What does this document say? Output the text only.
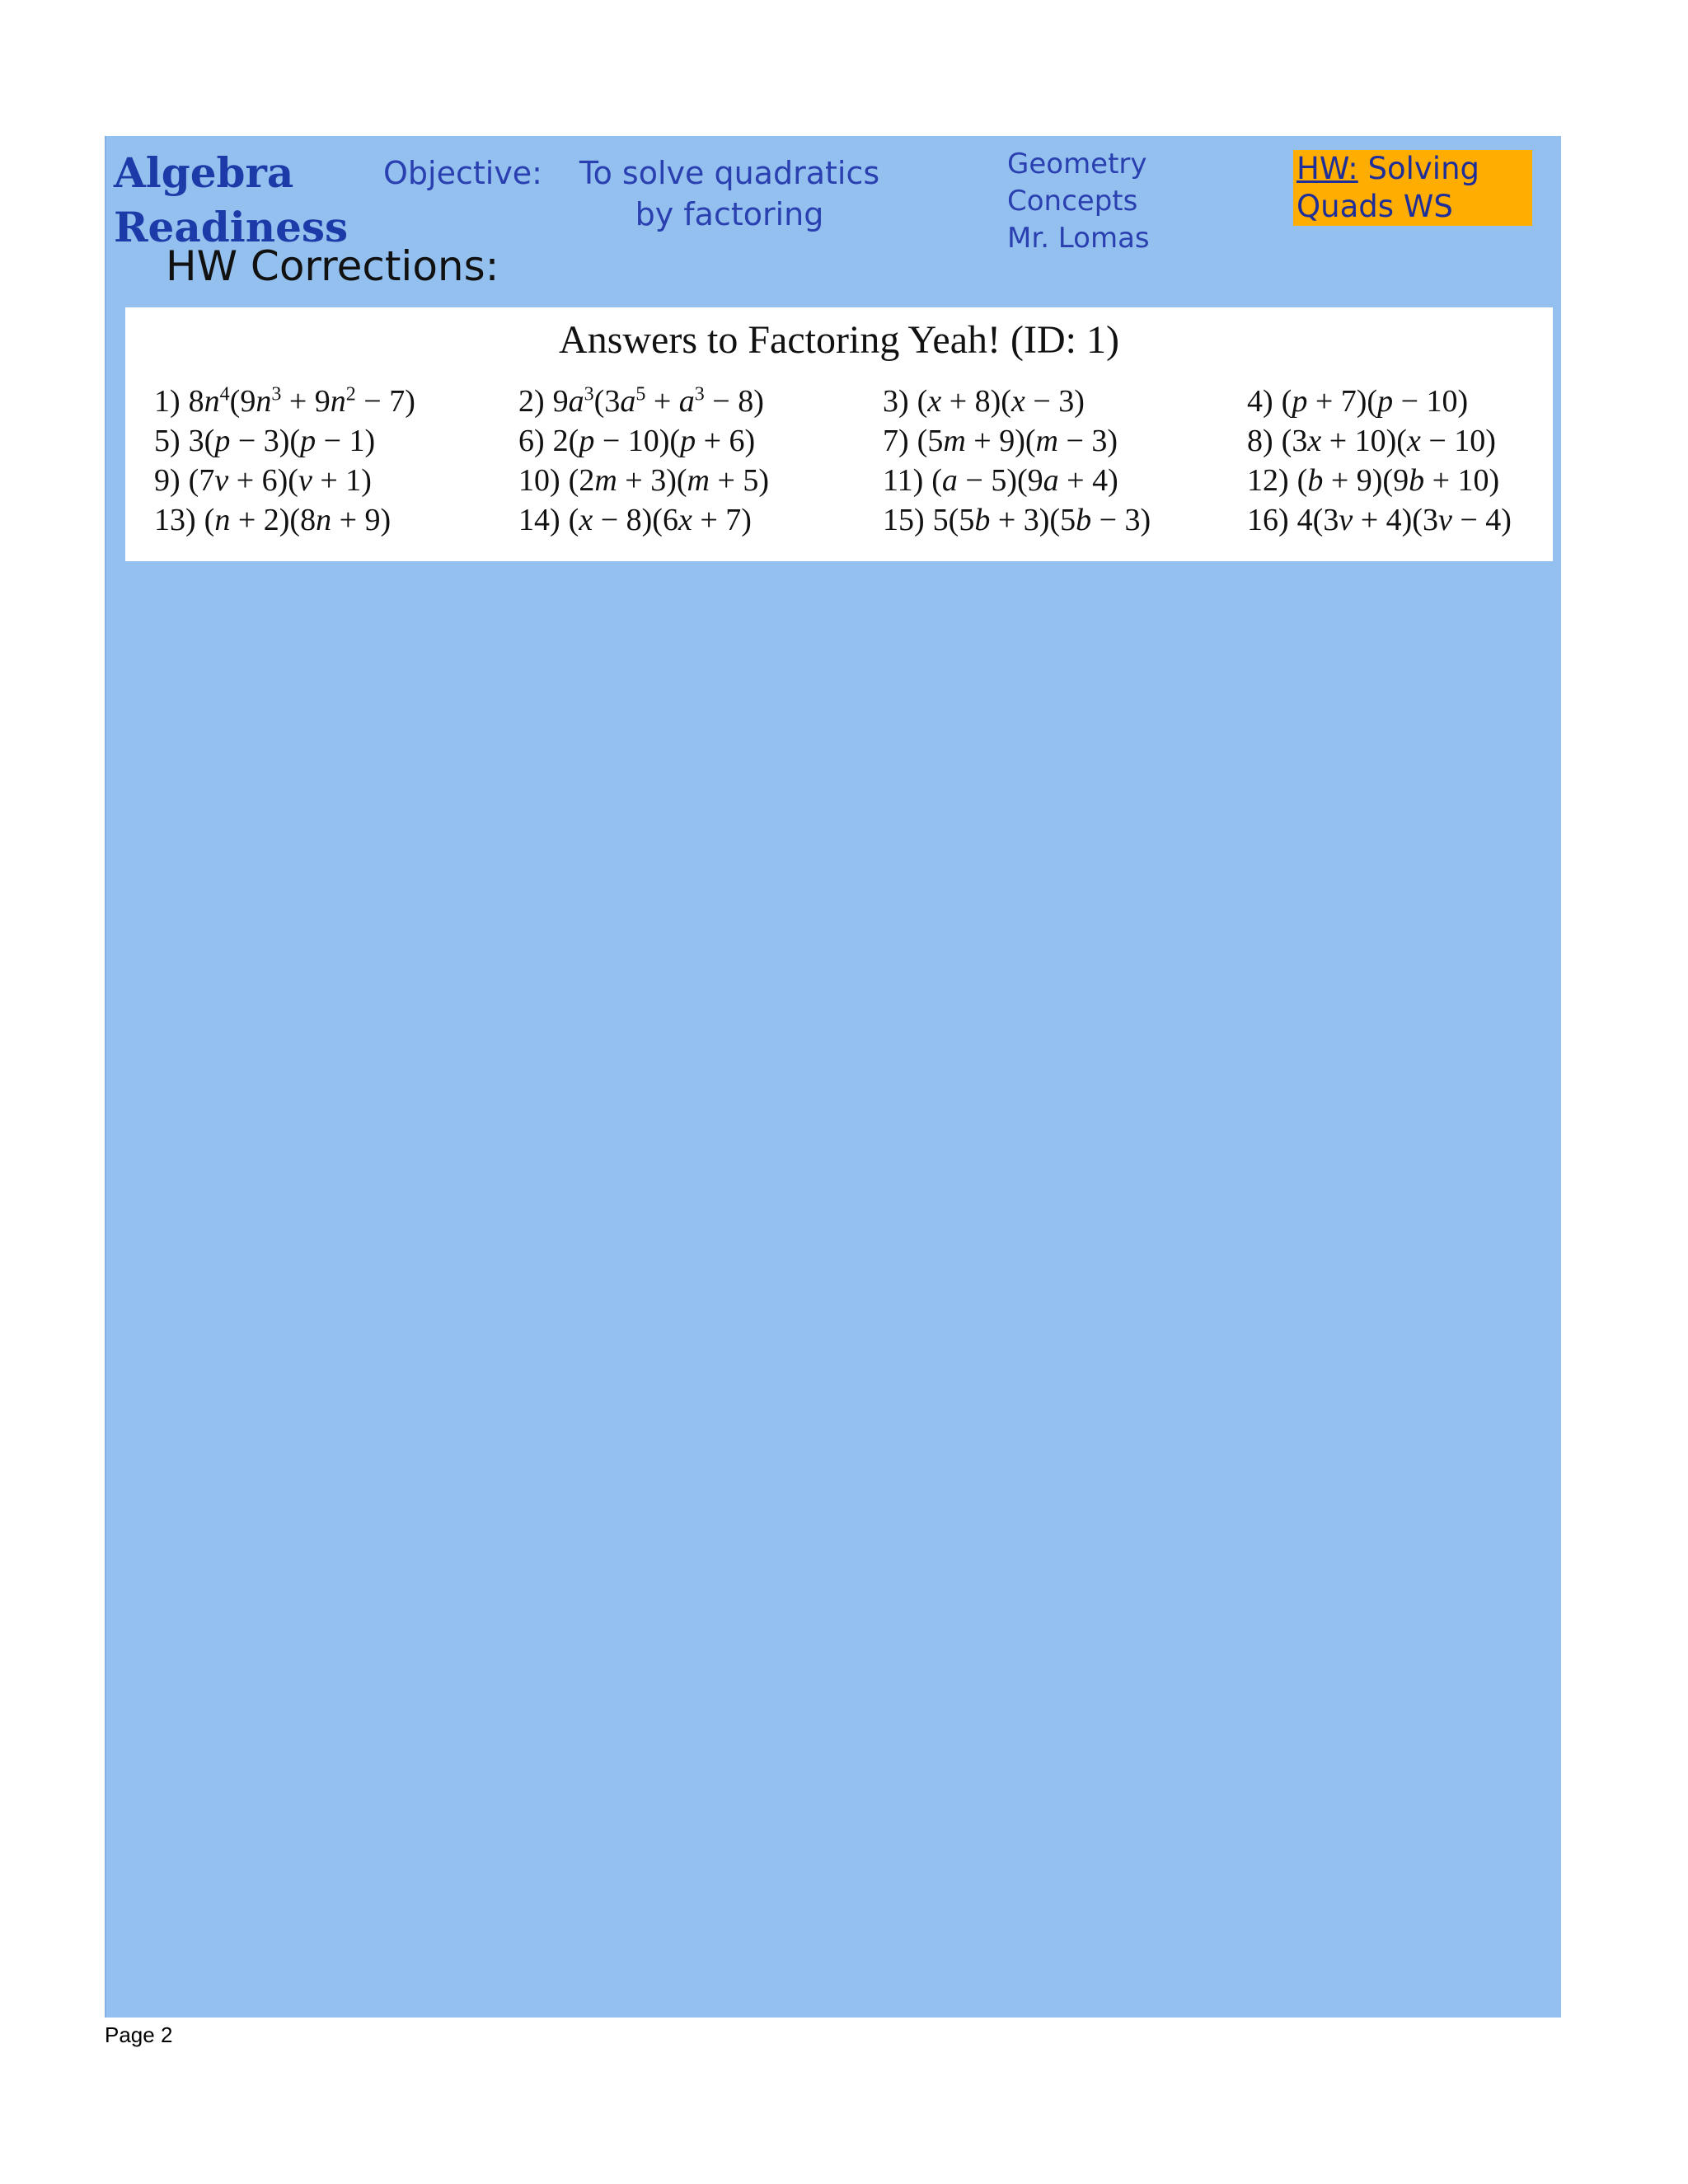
Algebra
Readiness
Objective:	To solve quadratics by factoring
Geometry
Concepts
Mr. Lomas
HW: Solving Quads WS
HW Corrections:
Answers to Factoring Yeah! (ID: 1)
1) $8n^4(9n^3 + 9n^2 - 7)$	2) $9a^3(3a^5 + a^3 - 8)$	3) (x + 8)(x − 3)	4) (p + 7)(p − 10)
5) 3(p − 3)(p − 1)	6) 2(p − 10)(p + 6)	7) (5m + 9)(m − 3)	8) (3x + 10)(x − 10)
9) (7v + 6)(v + 1)	10) (2m + 3)(m + 5)	11) (a − 5)(9a + 4)	12) (b + 9)(9b + 10)
13) (n + 2)(8n + 9)	14) (x − 8)(6x + 7)	15) 5(5b + 3)(5b − 3)	16) 4(3v + 4)(3v − 4)
Page 2
